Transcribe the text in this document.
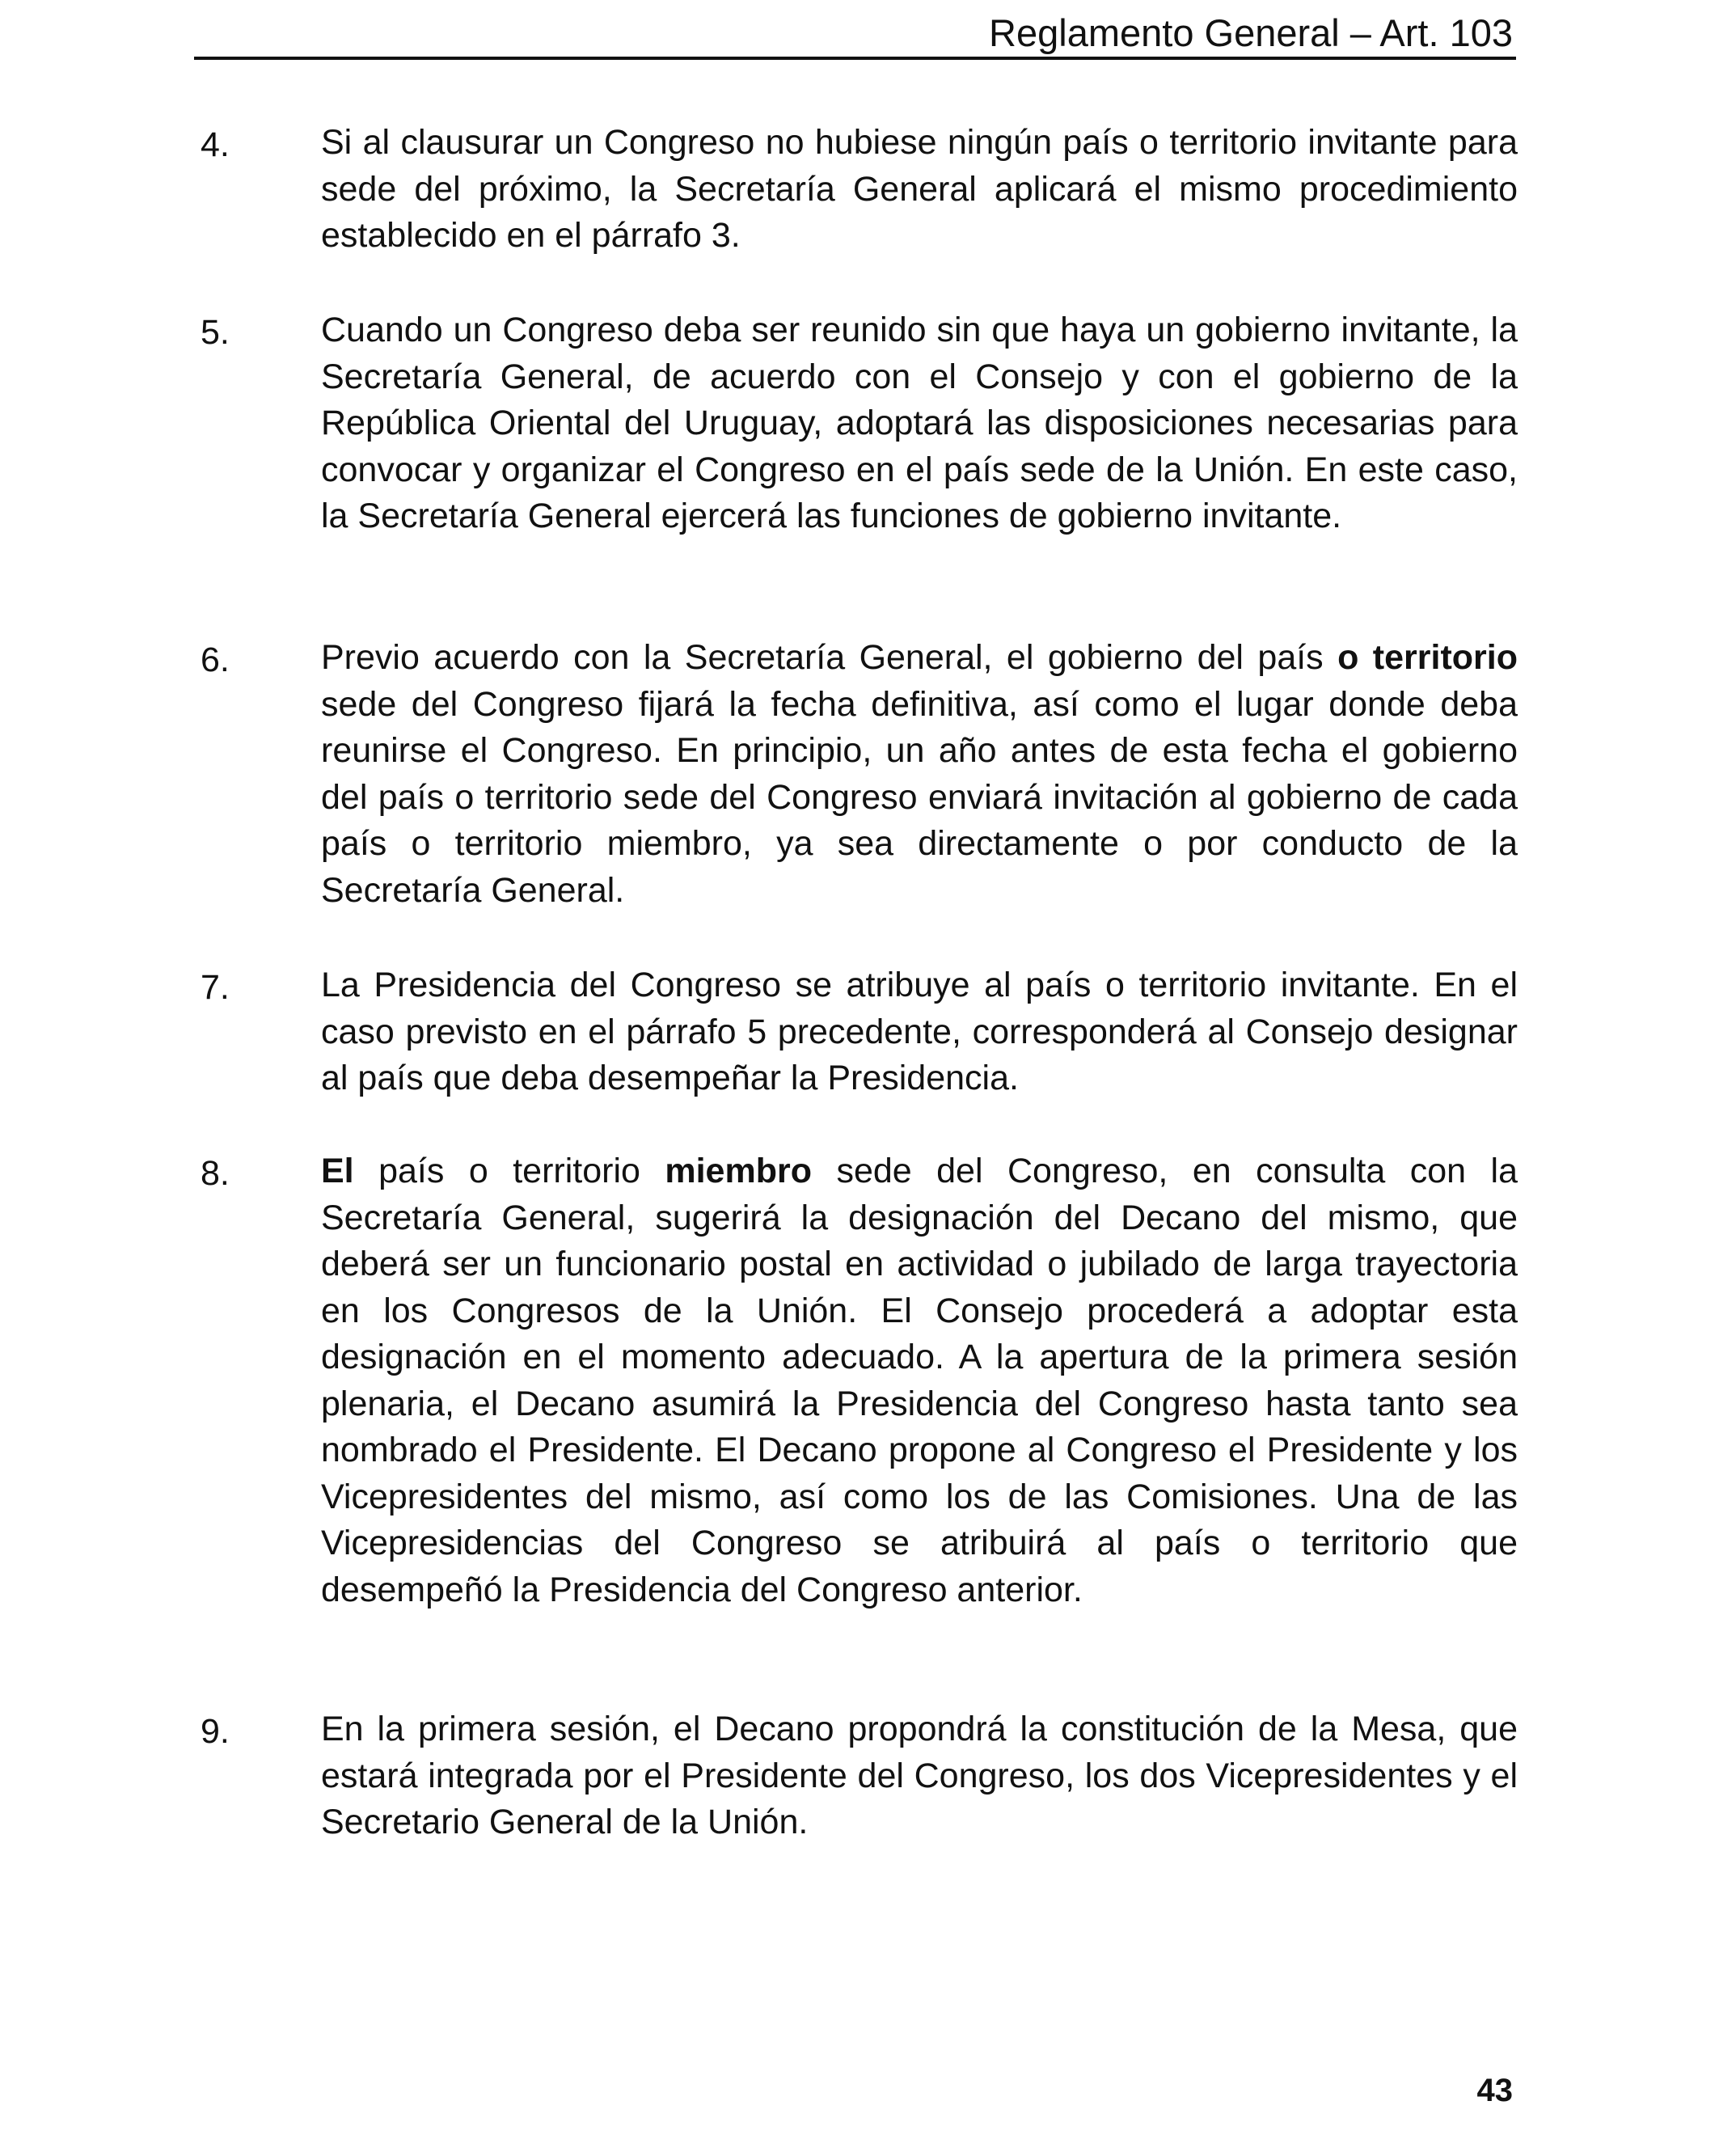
Reglamento General – Art. 103
4.	Si al clausurar un Congreso no hubiese ningún país o territorio invitante para sede del próximo, la Secretaría General aplicará el mismo procedimiento establecido en el párrafo 3.
5.	Cuando un Congreso deba ser reunido sin que haya un gobierno invitante, la Secretaría General, de acuerdo con el Consejo y con el gobierno de la República Oriental del Uruguay, adoptará las disposiciones necesarias para convocar y organizar el Congreso en el país sede de la Unión. En este caso, la Secretaría General ejercerá las funciones de gobierno invitante.
6.	Previo acuerdo con la Secretaría General, el gobierno del país o territorio sede del Congreso fijará la fecha definitiva, así como el lugar donde deba reunirse el Congreso. En principio, un año antes de esta fecha el gobierno del país o territorio sede del Congreso enviará invitación al gobierno de cada país o territorio miembro, ya sea directamente o por conducto de la Secretaría General.
7.	La Presidencia del Congreso se atribuye al país o territorio invitante. En el caso previsto en el párrafo 5 precedente, corresponderá al Consejo designar al país que deba desempeñar la Presidencia.
8.	El país o territorio miembro sede del Congreso, en consulta con la Secretaría General, sugerirá la designación del Decano del mismo, que deberá ser un funcionario postal en actividad o jubilado de larga trayectoria en los Congresos de la Unión. El Consejo procederá a adoptar esta designación en el momento adecuado. A la apertura de la primera sesión plenaria, el Decano asumirá la Presidencia del Congreso hasta tanto sea nombrado el Presidente. El Decano propone al Congreso el Presidente y los Vicepresidentes del mismo, así como los de las Comisiones. Una de las Vicepresidencias del Congreso se atribuirá al país o territorio que desempeñó la Presidencia del Congreso anterior.
9.	En la primera sesión, el Decano propondrá la constitución de la Mesa, que estará integrada por el Presidente del Congreso, los dos Vicepresidentes y el Secretario General de la Unión.
43
